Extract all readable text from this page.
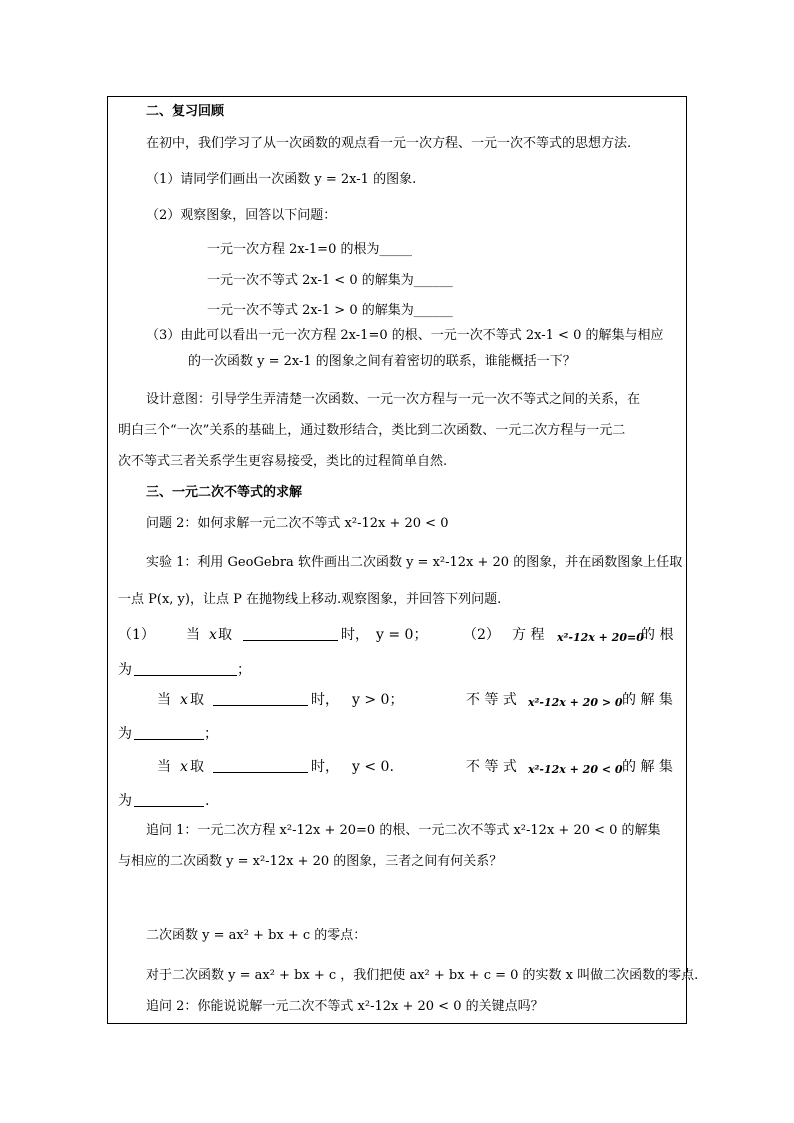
二、复习回顾
在初中，我们学习了从一次函数的观点看一元一次方程、一元一次不等式的思想方法.
（1）请同学们画出一次函数 y = 2x-1 的图象.
（2）观察图象，回答以下问题：
一元一次方程 2x-1=0 的根为_____
一元一次不等式 2x-1 < 0 的解集为______
一元一次不等式 2x-1 > 0 的解集为______
（3）由此可以看出一元一次方程 2x-1=0 的根、一元一次不等式 2x-1 < 0 的解集与相应
的一次函数 y = 2x-1 的图象之间有着密切的联系，谁能概括一下？
设计意图：引导学生弄清楚一次函数、一元一次方程与一元一次不等式之间的关系，在
明白三个“一次”关系的基础上，通过数形结合，类比到二次函数、一元二次方程与一元二
次不等式三者关系学生更容易接受，类比的过程简单自然.
三、一元二次不等式的求解
问题 2：如何求解一元二次不等式 x²-12x + 20 < 0
实验 1：利用 GeoGebra 软件画出二次函数 y = x²-12x + 20 的图象，并在函数图象上任取
一点 P(x, y)，让点 P 在抛物线上移动.观察图象，并回答下列问题.
（1） 当 x 取	时， y = 0；	（2） 方 程 x²-12x + 20=0
的 根
为	；
当 x 取	时， y > 0；	不 等 式 x²-12x + 20 > 0 的 解 集
为	；
当 x 取	时， y < 0.	不 等 式 x²-12x + 20 < 0 的 解 集
为	.
追问 1：一元二次方程 x²-12x + 20=0 的根、一元二次不等式 x²-12x + 20 < 0 的解集
与相应的二次函数 y = x²-12x + 20 的图象，三者之间有何关系？
二次函数 y = ax² + bx + c 的零点：
对于二次函数 y = ax² + bx + c ，我们把使 ax² + bx + c = 0 的实数 x 叫做二次函数的零点.
追问 2：你能说说解一元二次不等式 x²-12x + 20 < 0 的关键点吗？
